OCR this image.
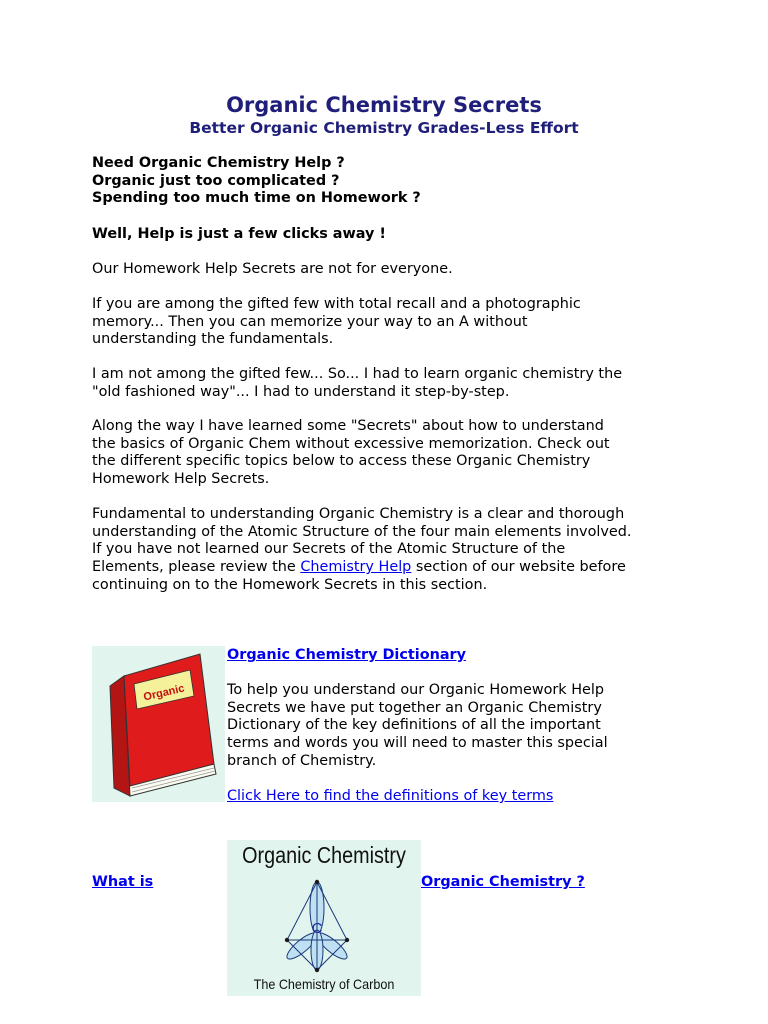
Organic Chemistry Secrets
Better Organic Chemistry Grades-Less Effort
Need Organic Chemistry Help ?
Organic just too complicated ?
Spending too much time on Homework ?
Well, Help is just a few clicks away !
Our Homework Help Secrets are not for everyone.
If you are among the gifted few with total recall and a photographic
memory... Then you can memorize your way to an A without
understanding the fundamentals.
I am not among the gifted few... So... I had to learn organic chemistry the
"old fashioned way"... I had to understand it step-by-step.
Along the way I have learned some "Secrets" about how to understand
the basics of Organic Chem without excessive memorization. Check out
the different specific topics below to access these Organic Chemistry
Homework Help Secrets.
Fundamental to understanding Organic Chemistry is a clear and thorough
understanding of the Atomic Structure of the four main elements involved.
If you have not learned our Secrets of the Atomic Structure of the
Elements, please review the Chemistry Help section of our website before
continuing on to the Homework Secrets in this section.
Organic
Organic Chemistry Dictionary
To help you understand our Organic Homework Help
Secrets we have put together an Organic Chemistry
Dictionary of the key definitions of all the important
terms and words you will need to master this special
branch of Chemistry.
Click Here to find the definitions of key terms
What is
Organic Chemistry
C
The Chemistry of Carbon
Organic Chemistry ?
